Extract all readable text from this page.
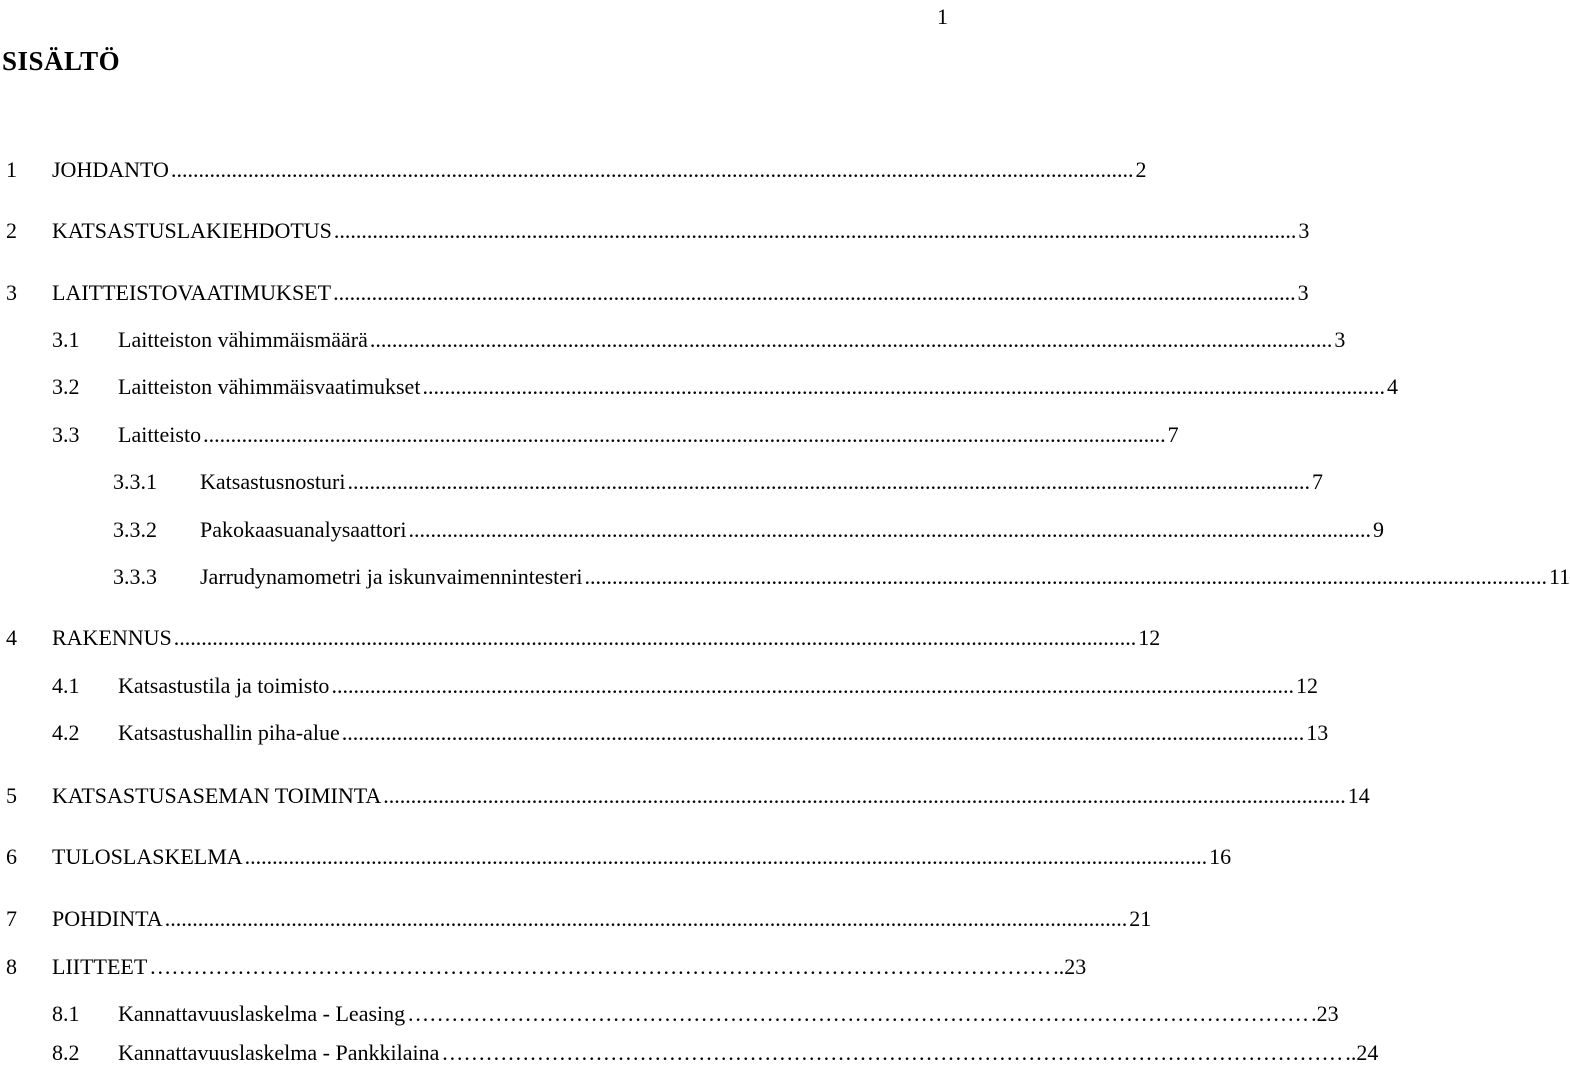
1
SISÄLTÖ
1 JOHDANTO ............................................................................................................................................................................... 2
2 KATSASTUSLAKIEHDOTUS ............................................................................................................................................................................... 3
3 LAITTEISTOVAATIMUKSET ............................................................................................................................................................................... 3
3.1 Laitteiston vähimmäismäärä ............................................................................................................................................................................... 3
3.2 Laitteiston vähimmäisvaatimukset ............................................................................................................................................................................... 4
3.3 Laitteisto ............................................................................................................................................................................... 7
3.3.1 Katsastusnosturi ............................................................................................................................................................................... 7
3.3.2 Pakokaasuanalysaattori ............................................................................................................................................................................... 9
3.3.3 Jarrudynamometri ja iskunvaimennintesteri ............................................................................................................................................................................... 11
4 RAKENNUS ............................................................................................................................................................................... 12
4.1 Katsastustila ja toimisto ............................................................................................................................................................................... 12
4.2 Katsastushallin piha-alue ............................................................................................................................................................................... 13
5 KATSASTUSASEMAN TOIMINTA ............................................................................................................................................................................... 14
6 TULOSLASKELMA ............................................................................................................................................................................... 16
7 POHDINTA ............................................................................................................................................................................... 21
8 LIITTEET …………………………………………………………………………………………………………… ..23
8.1 Kannattavuuslaskelma - Leasing …………………………………………………………………………………………………………… .23
8.2 Kannattavuuslaskelma - Pankkilaina …………………………………………………………………………………………………………… ..24
